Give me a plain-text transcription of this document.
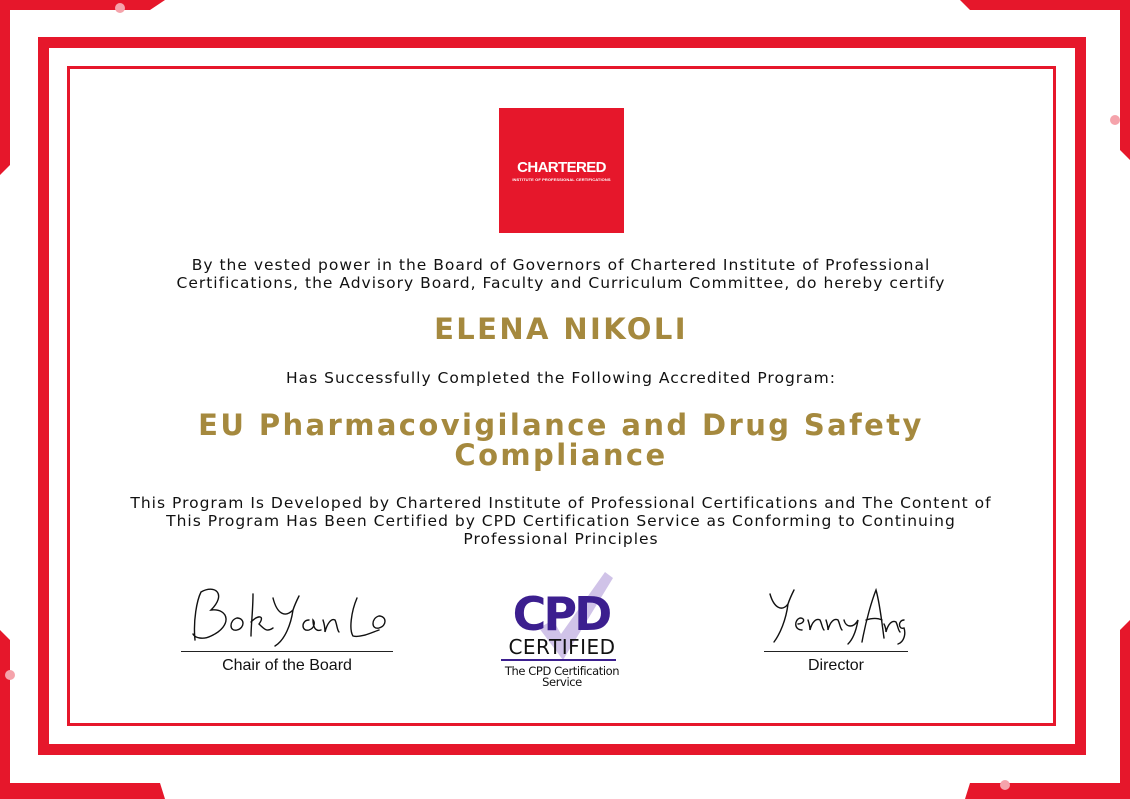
CHARTERED
INSTITUTE OF PROFESSIONAL CERTIFICATIONS
By the vested power in the Board of Governors of Chartered Institute of Professional Certifications, the Advisory Board, Faculty and Curriculum Committee, do hereby certify
ELENA NIKOLI
Has Successfully Completed the Following Accredited Program:
EU Pharmacovigilance and Drug Safety Compliance
This Program Is Developed by Chartered Institute of Professional Certifications and The Content of This Program Has Been Certified by CPD Certification Service as Conforming to Continuing Professional Principles
Chair of the Board	Director
CPD
CERTIFIED
The CPD Certification
Service
